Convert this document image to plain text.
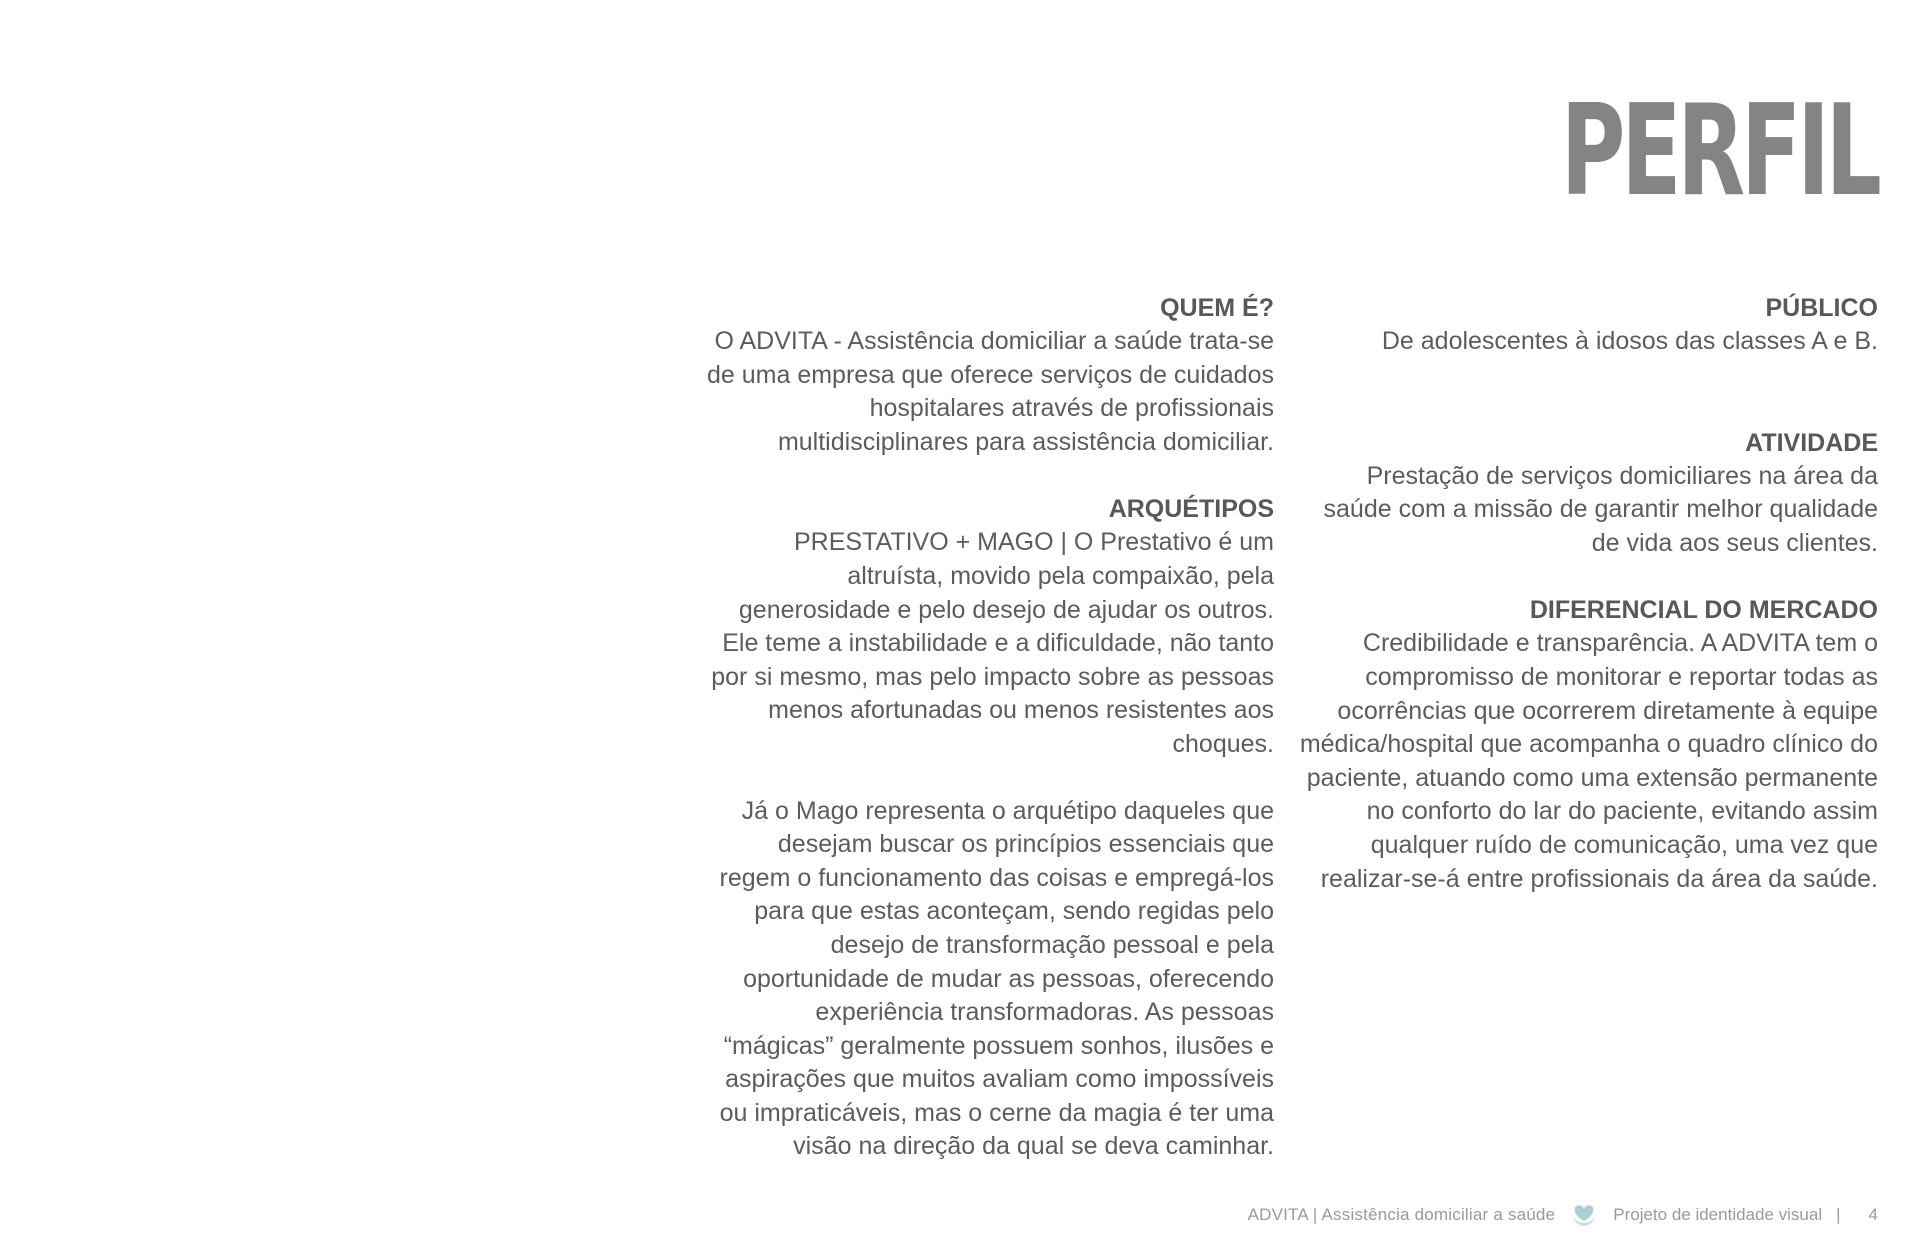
PERFIL
QUEM É?

O ADVITA - Assistência domiciliar a saúde trata-se de uma empresa que oferece serviços de cuidados hospitalares através de profissionais multidisciplinares para assistência domiciliar.

ARQUÉTIPOS

PRESTATIVO + MAGO | O Prestativo é um altruísta, movido pela compaixão, pela generosidade e pelo desejo de ajudar os outros. Ele teme a instabilidade e a dificuldade, não tanto por si mesmo, mas pelo impacto sobre as pessoas menos afortunadas ou menos resistentes aos choques.

Já o Mago representa o arquétipo daqueles que desejam buscar os princípios essenciais que regem o funcionamento das coisas e empregá-los para que estas aconteçam, sendo regidas pelo desejo de transformação pessoal e pela oportunidade de mudar as pessoas, oferecendo experiência transformadoras. As pessoas “mágicas” geralmente possuem sonhos, ilusões e aspirações que muitos avaliam como impossíveis ou impraticáveis, mas o cerne da magia é ter uma visão na direção da qual se deva caminhar.

PÚBLICO

De adolescentes à idosos das classes A e B.

ATIVIDADE

Prestação de serviços domiciliares na área da saúde com a missão de garantir melhor qualidade de vida aos seus clientes.

DIFERENCIAL DO MERCADO

Credibilidade e transparência. A ADVITA tem o compromisso de monitorar e reportar todas as ocorrências que ocorrerem diretamente à equipe médica/hospital que acompanha o quadro clínico do paciente, atuando como uma extensão permanente no conforto do lar do paciente, evitando assim qualquer ruído de comunicação, uma vez que realizar-se-á entre profissionais da área da saúde.

ADVITA | Assistência domiciliar a saúde	Projeto de identidade visual | 4
